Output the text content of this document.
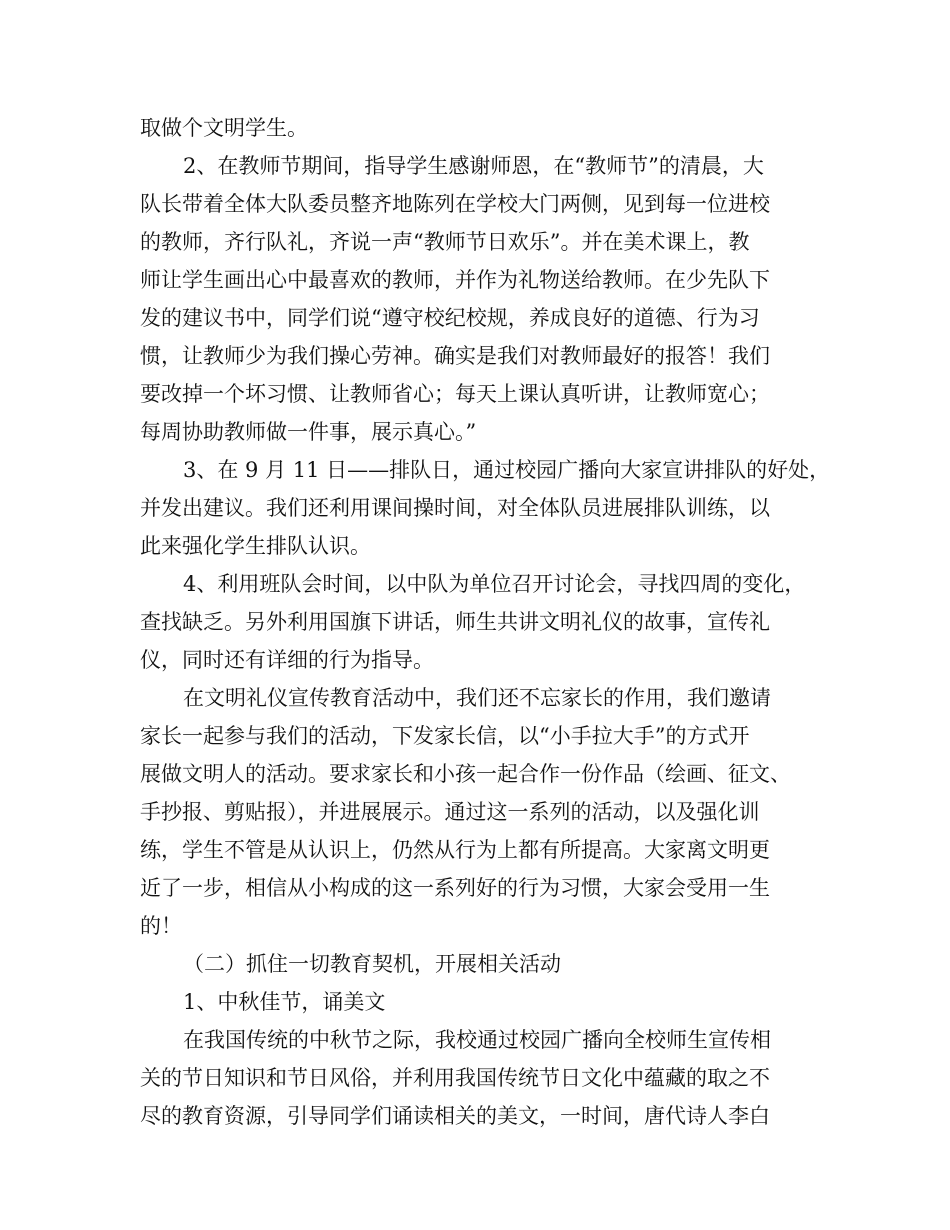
取做个文明学生。
2、在教师节期间，指导学生感谢师恩，在“教师节”的清晨，大
队长带着全体大队委员整齐地陈列在学校大门两侧，见到每一位进校
的教师，齐行队礼，齐说一声“教师节日欢乐”。并在美术课上，教
师让学生画出心中最喜欢的教师，并作为礼物送给教师。在少先队下
发的建议书中，同学们说“遵守校纪校规，养成良好的道德、行为习
惯，让教师少为我们操心劳神。确实是我们对教师最好的报答！我们
要改掉一个坏习惯、让教师省心；每天上课认真听讲，让教师宽心；
每周协助教师做一件事，展示真心。”
3、在 9 月 11 日——排队日，通过校园广播向大家宣讲排队的好处，
并发出建议。我们还利用课间操时间，对全体队员进展排队训练，以
此来强化学生排队认识。
4、利用班队会时间，以中队为单位召开讨论会，寻找四周的变化，
查找缺乏。另外利用国旗下讲话，师生共讲文明礼仪的故事，宣传礼
仪，同时还有详细的行为指导。
在文明礼仪宣传教育活动中，我们还不忘家长的作用，我们邀请
家长一起参与我们的活动，下发家长信，以“小手拉大手”的方式开
展做文明人的活动。要求家长和小孩一起合作一份作品（绘画、征文、
手抄报、剪贴报），并进展展示。通过这一系列的活动，以及强化训
练，学生不管是从认识上，仍然从行为上都有所提高。大家离文明更
近了一步，相信从小构成的这一系列好的行为习惯，大家会受用一生
的！
（二）抓住一切教育契机，开展相关活动
1、中秋佳节，诵美文
在我国传统的中秋节之际，我校通过校园广播向全校师生宣传相
关的节日知识和节日风俗，并利用我国传统节日文化中蕴藏的取之不
尽的教育资源，引导同学们诵读相关的美文，一时间，唐代诗人李白
